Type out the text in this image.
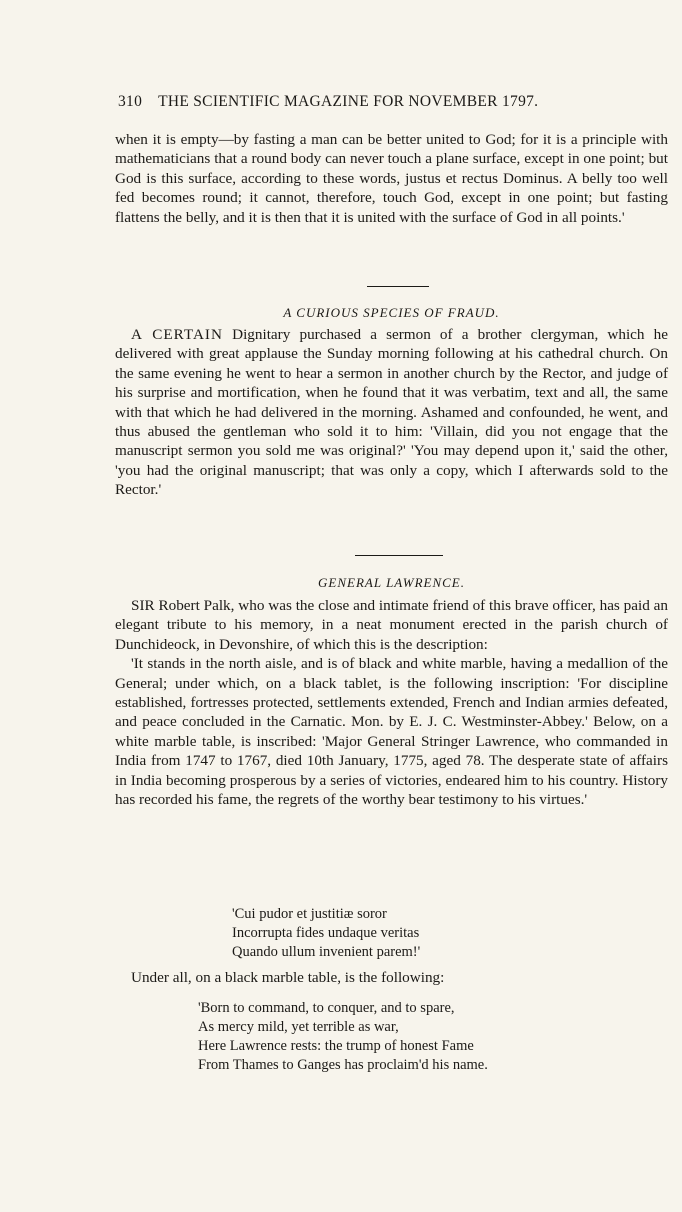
310 THE SCIENTIFIC MAGAZINE FOR NOVEMBER 1797.

when it is empty—by fasting a man can be better united to God; for it is a principle with mathematicians that a round body can never touch a plane surface, except in one point; but God is this surface, according to these words, justus et rectus Dominus. A belly too well fed becomes round; it cannot, therefore, touch God, except in one point; but fasting flattens the belly, and it is then that it is united with the surface of God in all points.'

A CURIOUS SPECIES OF FRAUD.

A CERTAIN Dignitary purchased a sermon of a brother clergyman, which he delivered with great applause the Sunday morning following at his cathedral church. On the same evening he went to hear a sermon in another church by the Rector, and judge of his surprise and mortification, when he found that it was verbatim, text and all, the same with that which he had delivered in the morning. Ashamed and confounded, he went, and thus abused the gentleman who sold it to him: 'Villain, did you not engage that the manuscript sermon you sold me was original?' 'You may depend upon it,' said the other, 'you had the original manuscript; that was only a copy, which I afterwards sold to the Rector.'

GENERAL LAWRENCE.

SIR Robert Palk, who was the close and intimate friend of this brave officer, has paid an elegant tribute to his memory, in a neat monument erected in the parish church of Dunchideock, in Devonshire, of which this is the description:

'It stands in the north aisle, and is of black and white marble, having a medallion of the General; under which, on a black tablet, is the following inscription: 'For discipline established, fortresses protected, settlements extended, French and Indian armies defeated, and peace concluded in the Carnatic. Mon. by E. J. C. Westminster-Abbey.' Below, on a white marble table, is inscribed: 'Major General Stringer Lawrence, who commanded in India from 1747 to 1767, died 10th January, 1775, aged 78. The desperate state of affairs in India becoming prosperous by a series of victories, endeared him to his country. History has recorded his fame, the regrets of the worthy bear testimony to his virtues.'

'Cui pudor et justitiæ soror
Incorrupta fides undaque veritas
Quando ullum invenient parem!'

Under all, on a black marble table, is the following:

'Born to command, to conquer, and to spare,
As mercy mild, yet terrible as war,
Here Lawrence rests: the trump of honest Fame
From Thames to Ganges has proclaim'd his name.
